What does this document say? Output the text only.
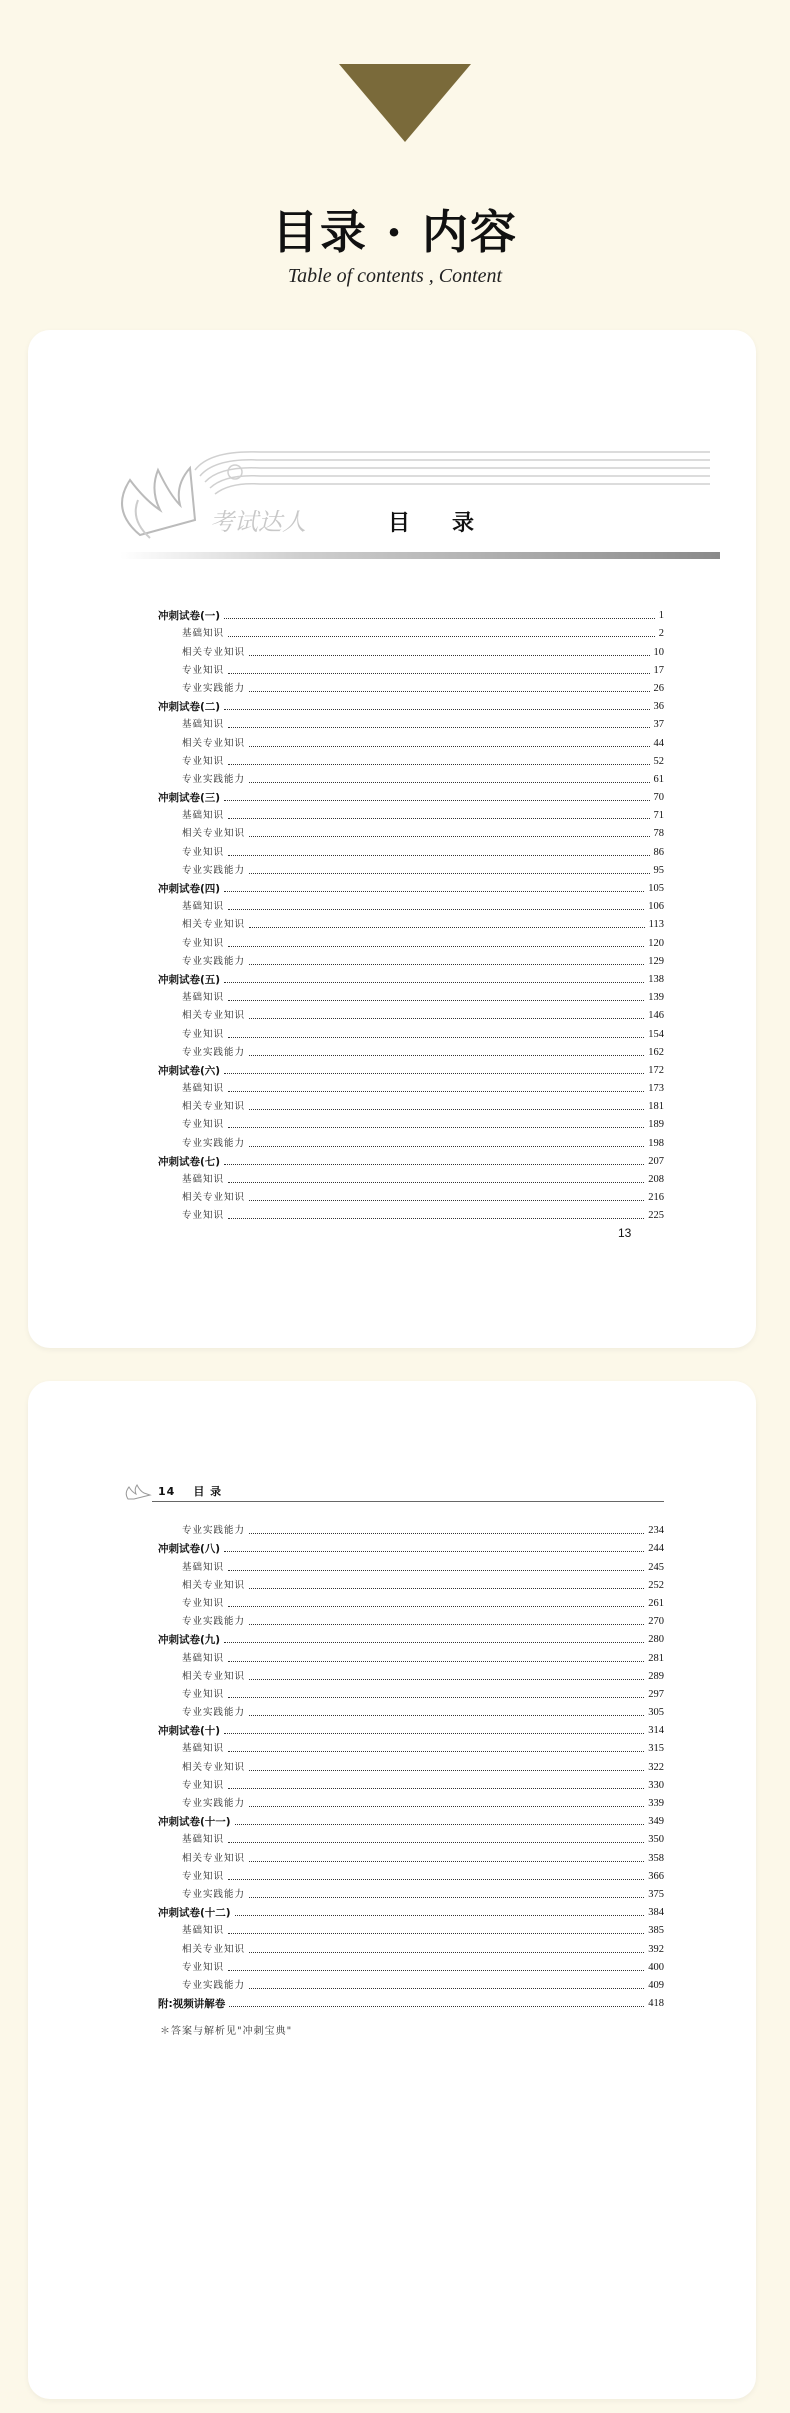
目录 · 内容
Table of contents , Content
考试达人	目录
冲刺试卷(一)	1
基础知识	2
相关专业知识	10
专业知识	17
专业实践能力	26
冲刺试卷(二)	36
基础知识	37
相关专业知识	44
专业知识	52
专业实践能力	61
冲刺试卷(三)	70
基础知识	71
相关专业知识	78
专业知识	86
专业实践能力	95
冲刺试卷(四)	105
基础知识	106
相关专业知识	113
专业知识	120
专业实践能力	129
冲刺试卷(五)	138
基础知识	139
相关专业知识	146
专业知识	154
专业实践能力	162
冲刺试卷(六)	172
基础知识	173
相关专业知识	181
专业知识	189
专业实践能力	198
冲刺试卷(七)	207
基础知识	208
相关专业知识	216
专业知识	225
13
14 目 录
专业实践能力	234
冲刺试卷(八)	244
基础知识	245
相关专业知识	252
专业知识	261
专业实践能力	270
冲刺试卷(九)	280
基础知识	281
相关专业知识	289
专业知识	297
专业实践能力	305
冲刺试卷(十)	314
基础知识	315
相关专业知识	322
专业知识	330
专业实践能力	339
冲刺试卷(十一)	349
基础知识	350
相关专业知识	358
专业知识	366
专业实践能力	375
冲刺试卷(十二)	384
基础知识	385
相关专业知识	392
专业知识	400
专业实践能力	409
附:视频讲解卷	418
＊答案与解析见"冲刺宝典"
